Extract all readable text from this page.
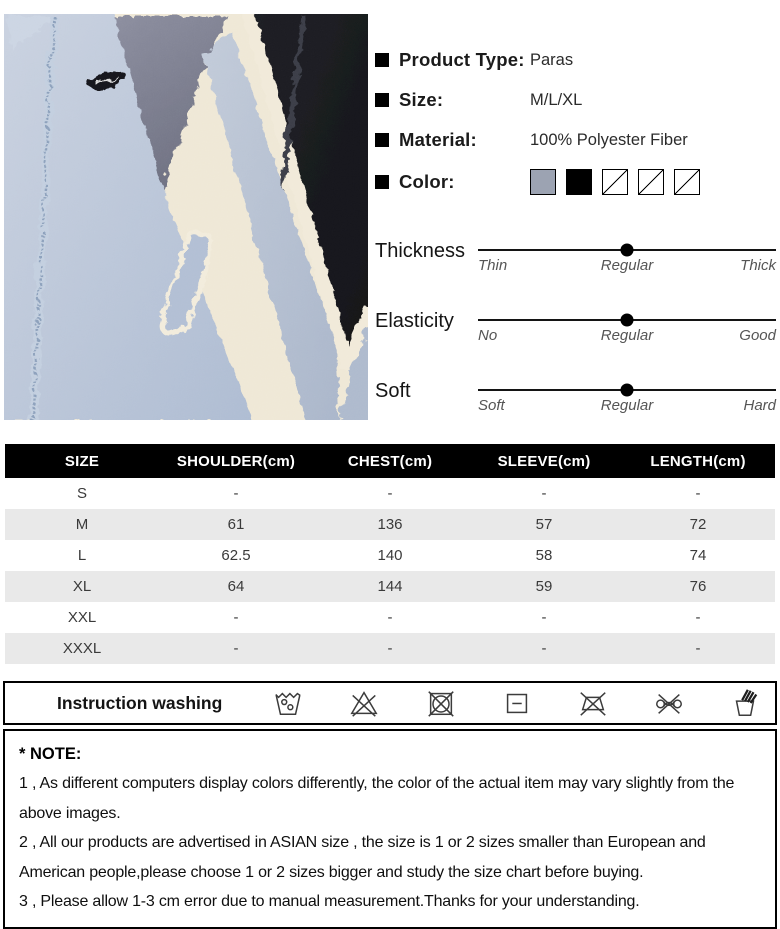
Product Type: Paras
Size:	M/L/XL
Material:	100% Polyester Fiber
Color:
Thickness
Thin	Regular	Thick
Elasticity
No	Regular	Good
Soft
Soft	Regular	Hard
SIZE	SHOULDER(cm)	CHEST(cm)	SLEEVE(cm)	LENGTH(cm)
S	-	-	-	-
M	61	136	57	72
L	62.5	140	58	74
XL	64	144	59	76
XXL	-	-	-	-
XXXL	-	-	-	-
Instruction washing
* NOTE:
1 , As different computers display colors differently, the color of the actual item may vary slightly from the above images.
2 , All our products are advertised in ASIAN size , the size is 1 or 2 sizes smaller than European and American people,please choose 1 or 2 sizes bigger and study the size chart before buying.
3 , Please allow 1-3 cm error due to manual measurement.Thanks for your understanding.
